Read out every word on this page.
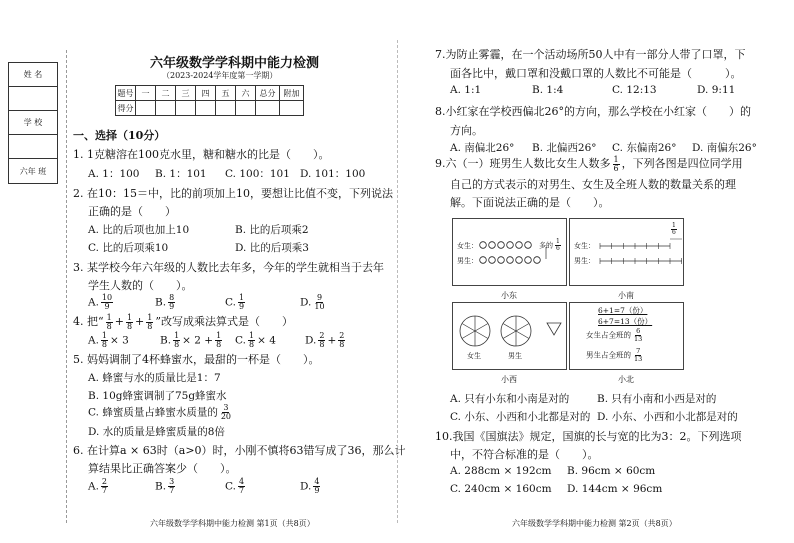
姓 名
学 校
六年 班
六年级数学学科期中能力检测
（2023-2024学年度第一学期）
题号	一	二	三	四	五	六	总分	附加
得分								
一、选择（10分）
1. 1克糖溶在100克水里，糖和糖水的比是（　　）。
A. 1：100 B. 1：101 C. 100：101 D. 101：100
2. 在10：15＝中，比的前项加上10，要想让比值不变，下列说法
正确的是（　　）
A. 比的后项也加上10	B. 比的后项乘2
C. 比的后项乘10	D. 比的后项乘3
3. 某学校今年六年级的人数比去年多，今年的学生就相当于去年
学生人数的（　　）。
A. $\frac{10}{9}$	B. $\frac{8}{9}$	C. $\frac{1}{9}$	D. $\frac{9}{10}$
4. 把“ $\frac{1}{8} + \frac{1}{8} + \frac{1}{8}$ ”改写成乘法算式是（　　）
A. $\frac{1}{8} \times 3$	B. $\frac{1}{8} \times 2 + \frac{1}{8} C$. $\frac{1}{8} \times 4$	D. $\frac{2}{8} + \frac{2}{8}$
5. 妈妈调制了4杯蜂蜜水，最甜的一杯是（　　）。
A. 蜂蜜与水的质量比是1：7
B. 10g蜂蜜调制了75g蜂蜜水
C. 蜂蜜质量占蜂蜜水质量的 $\frac{3}{20}$
D. 水的质量是蜂蜜质量的8倍
6. 在计算a × 63时（a>0）时，小刚不慎将63错写成了36，那么计
算结果比正确答案少（　　）。
A. $\frac{2}{7}$	B. $\frac{3}{7}$	C. $\frac{4}{7}$	D. $\frac{4}{9}$
六年级数学学科期中能力检测 第1页（共8页）
7.为防止雾霾，在一个活动场所50人中有一部分人带了口罩，下
面各比中，戴口罩和没戴口罩的人数比不可能是（　　　）。
A. 1:1	B. 1:4	C. 12:13	D. 9:11
8.小红家在学校西偏北26°的方向，那么学校在小红家（　　）的
方向。
A. 南偏北26° B. 北偏西26° C. 东偏南26° D. 南偏东26°
9.六（一）班男生人数比女生人数多 $\frac{1}{6}$ ，下列各图是四位同学用
自己的方式表示的对男生、女生及全班人数的数量关系的理
解。下面说法正确的是（　　）。
女生：
男生：
多的 $\frac{1}{6}$
小东
女生：
男生：
$\frac{1}{6}$
小南
女生	男生
小西
6+1=7（份）
6+7=13（份）
女生占全班的 $\frac{6}{13}$
男生占全班的 $\frac{7}{13}$
小北
A. 只有小东和小南是对的	B. 只有小南和小西是对的
C. 小东、小西和小北都是对的 D. 小东、小西和小北都是对的
10.我国《国旗法》规定，国旗的长与宽的比为3：2。下列选项
中，不符合标准的是（　　）。
A. 288cm × 192cm B. 96cm × 60cm
C. 240cm × 160cm D. 144cm × 96cm
六年级数学学科期中能力检测 第2页（共8页）
